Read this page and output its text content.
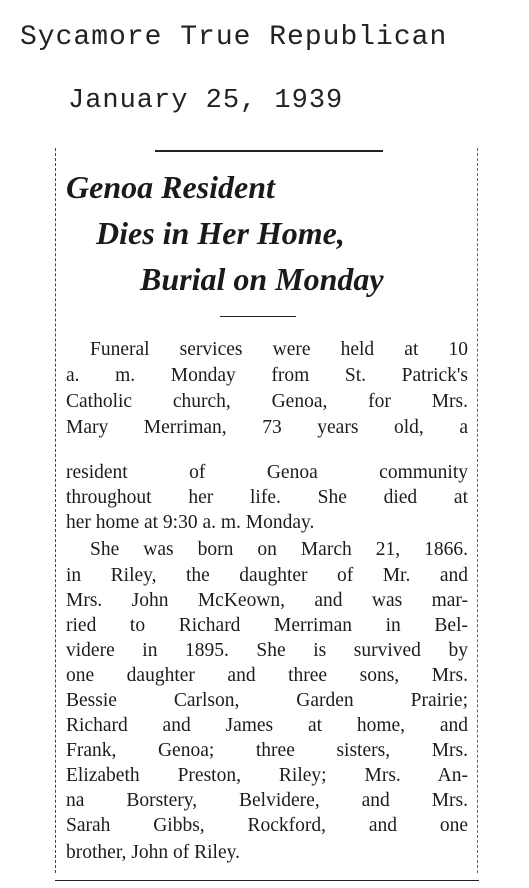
Sycamore True Republican
January 25, 1939
Genoa Resident
Dies in Her Home,
Burial on Monday
Funeral services were held at 10
a. m. Monday from St. Patrick's
Catholic church, Genoa, for Mrs.
Mary Merriman, 73 years old, a
resident of Genoa community
throughout her life. She died at
her home at 9:30 a. m. Monday.
She was born on March 21, 1866.
in Riley, the daughter of Mr. and
Mrs. John McKeown, and was mar-
ried to Richard Merriman in Bel-
videre in 1895. She is survived by
one daughter and three sons, Mrs.
Bessie Carlson, Garden Prairie;
Richard and James at home, and
Frank, Genoa; three sisters, Mrs.
Elizabeth Preston, Riley; Mrs. An-
na Borstery, Belvidere, and Mrs.
Sarah Gibbs, Rockford, and one
brother, John of Riley.
